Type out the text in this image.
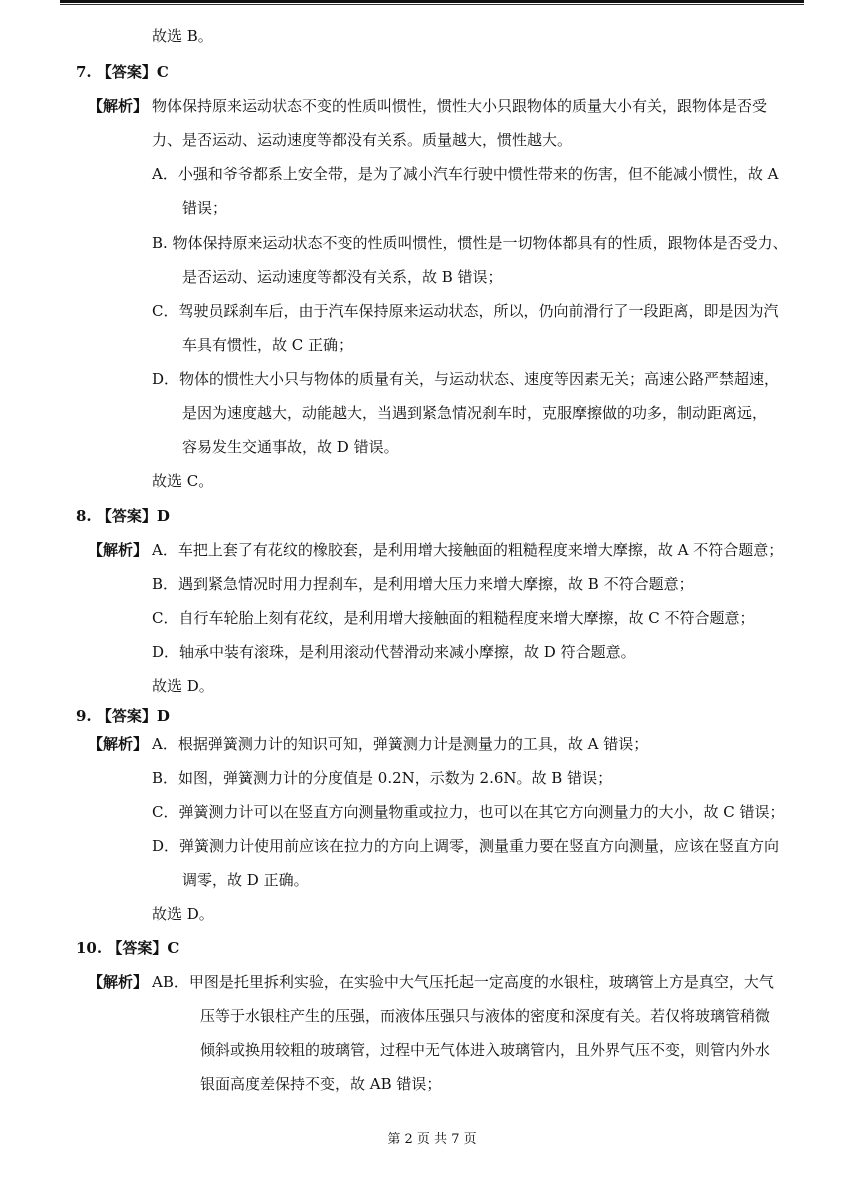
故选 B。
7. 【答案】C
【解析】 物体保持原来运动状态不变的性质叫惯性，惯性大小只跟物体的质量大小有关，跟物体是否受
力、是否运动、运动速度等都没有关系。质量越大，惯性越大。
A．小强和爷爷都系上安全带，是为了减小汽车行驶中惯性带来的伤害，但不能减小惯性，故 A
错误；
B. 物体保持原来运动状态不变的性质叫惯性，惯性是一切物体都具有的性质，跟物体是否受力、
是否运动、运动速度等都没有关系，故 B 错误；
C．驾驶员踩刹车后，由于汽车保持原来运动状态，所以，仍向前滑行了一段距离，即是因为汽
车具有惯性，故 C 正确；
D．物体的惯性大小只与物体的质量有关，与运动状态、速度等因素无关；高速公路严禁超速，
是因为速度越大，动能越大，当遇到紧急情况刹车时，克服摩擦做的功多，制动距离远，
容易发生交通事故，故 D 错误。
故选 C。
8. 【答案】D
【解析】 A．车把上套了有花纹的橡胶套，是利用增大接触面的粗糙程度来增大摩擦，故 A 不符合题意；
B．遇到紧急情况时用力捏刹车，是利用增大压力来增大摩擦，故 B 不符合题意；
C．自行车轮胎上刻有花纹，是利用增大接触面的粗糙程度来增大摩擦，故 C 不符合题意；
D．轴承中装有滚珠，是利用滚动代替滑动来减小摩擦，故 D 符合题意。
故选 D。
9. 【答案】D
【解析】 A．根据弹簧测力计的知识可知，弹簧测力计是测量力的工具，故 A 错误；
B．如图，弹簧测力计的分度值是 0.2N，示数为 2.6N。故 B 错误；
C．弹簧测力计可以在竖直方向测量物重或拉力，也可以在其它方向测量力的大小，故 C 错误；
D．弹簧测力计使用前应该在拉力的方向上调零，测量重力要在竖直方向测量，应该在竖直方向
调零，故 D 正确。
故选 D。
10. 【答案】C
【解析】 AB．甲图是托里拆利实验，在实验中大气压托起一定高度的水银柱，玻璃管上方是真空，大气
压等于水银柱产生的压强，而液体压强只与液体的密度和深度有关。若仅将玻璃管稍微
倾斜或换用较粗的玻璃管，过程中无气体进入玻璃管内，且外界气压不变，则管内外水
银面高度差保持不变，故 AB 错误；
第 2 页 共 7 页
